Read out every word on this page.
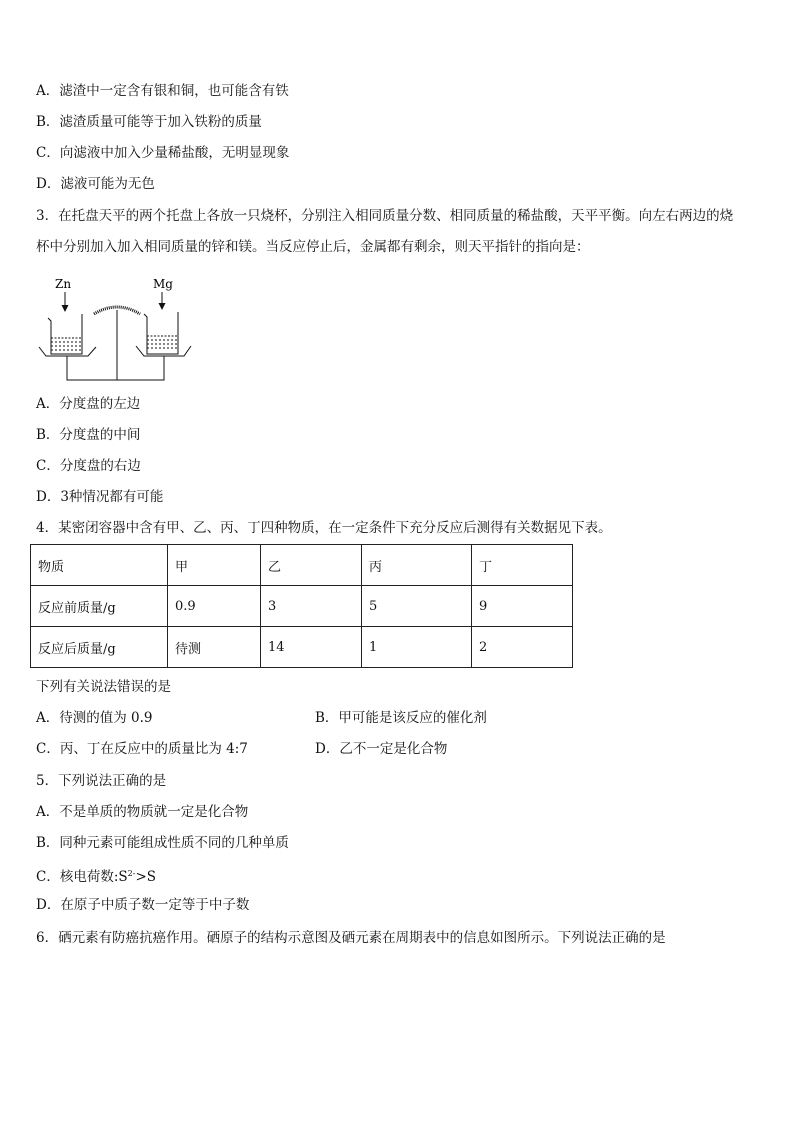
A．滤渣中一定含有银和铜，也可能含有铁
B．滤渣质量可能等于加入铁粉的质量
C．向滤液中加入少量稀盐酸，无明显现象
D．滤液可能为无色
3．在托盘天平的两个托盘上各放一只烧杯，分别注入相同质量分数、相同质量的稀盐酸，天平平衡。向左右两边的烧
杯中分别加入加入相同质量的锌和镁。当反应停止后，金属都有剩余，则天平指针的指向是：
Zn	Mg
A．分度盘的左边
B．分度盘的中间
C．分度盘的右边
D．3种情况都有可能
4．某密闭容器中含有甲、乙、丙、丁四种物质，在一定条件下充分反应后测得有关数据见下表。
物质	甲	乙	丙	丁
反应前质量/g	0.9	3	5	9
反应后质量/g	待测	14	1	2
下列有关说法错误的是
A．待测的值为 0.9	B．甲可能是该反应的催化剂
C．丙、丁在反应中的质量比为 4:7	D．乙不一定是化合物
5．下列说法正确的是
A．不是单质的物质就一定是化合物
B．同种元素可能组成性质不同的几种单质
C．核电荷数$:S^{2-}>S$
D．在原子中质子数一定等于中子数
6．硒元素有防癌抗癌作用。硒原子的结构示意图及硒元素在周期表中的信息如图所示。下列说法正确的是
